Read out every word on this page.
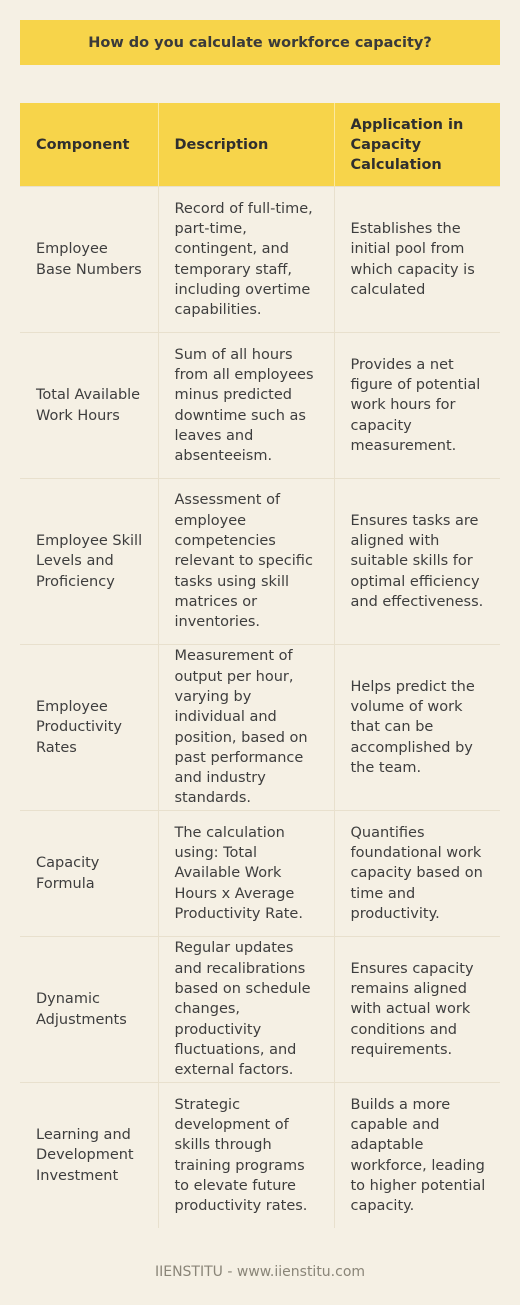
How do you calculate workforce capacity?
Component	Description	Application in Capacity Calculation
Employee Base Numbers	Record of full-time, part-time, contingent, and temporary staff, including overtime capabilities.	Establishes the initial pool from which capacity is calculated
Total Available Work Hours	Sum of all hours from all employees minus predicted downtime such as leaves and absenteeism.	Provides a net figure of potential work hours for capacity measurement.
Employee Skill Levels and Proficiency	Assessment of employee competencies relevant to specific tasks using skill matrices or inventories.	Ensures tasks are aligned with suitable skills for optimal efficiency and effectiveness.
Employee Productivity Rates	Measurement of output per hour, varying by individual and position, based on past performance and industry standards.	Helps predict the volume of work that can be accomplished by the team.
Capacity Formula	The calculation using: Total Available Work Hours x Average Productivity Rate.	Quantifies foundational work capacity based on time and productivity.
Dynamic Adjustments	Regular updates and recalibrations based on schedule changes, productivity fluctuations, and external factors.	Ensures capacity remains aligned with actual work conditions and requirements.
Learning and Development Investment	Strategic development of skills through training programs to elevate future productivity rates.	Builds a more capable and adaptable workforce, leading to higher potential capacity.
IIENSTITU - www.iienstitu.com
